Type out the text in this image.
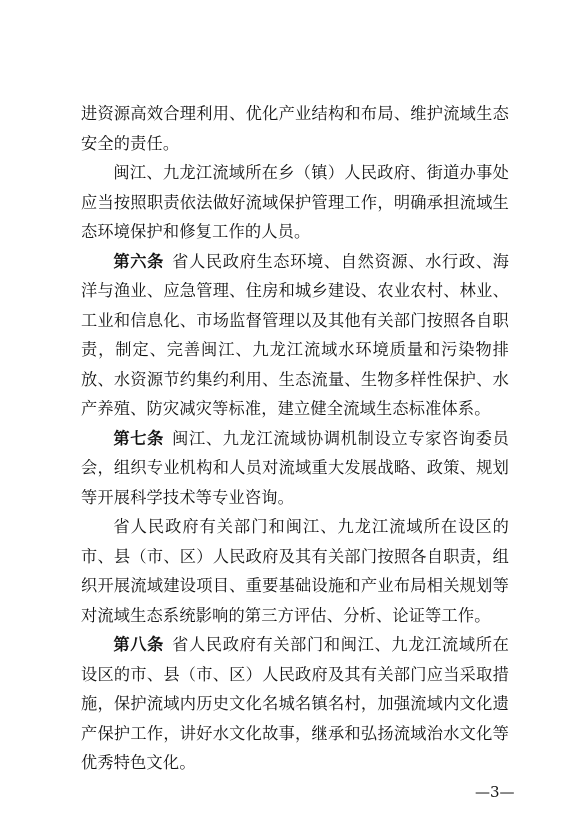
进资源高效合理利用、优化产业结构和布局、维护流域生态安全的责任。

闽江、九龙江流域所在乡（镇）人民政府、街道办事处应当按照职责依法做好流域保护管理工作，明确承担流域生态环境保护和修复工作的人员。

第六条 省人民政府生态环境、自然资源、水行政、海洋与渔业、应急管理、住房和城乡建设、农业农村、林业、工业和信息化、市场监督管理以及其他有关部门按照各自职责，制定、完善闽江、九龙江流域水环境质量和污染物排放、水资源节约集约利用、生态流量、生物多样性保护、水产养殖、防灾减灾等标准，建立健全流域生态标准体系。

第七条 闽江、九龙江流域协调机制设立专家咨询委员会，组织专业机构和人员对流域重大发展战略、政策、规划等开展科学技术等专业咨询。

省人民政府有关部门和闽江、九龙江流域所在设区的市、县（市、区）人民政府及其有关部门按照各自职责，组织开展流域建设项目、重要基础设施和产业布局相关规划等对流域生态系统影响的第三方评估、分析、论证等工作。

第八条 省人民政府有关部门和闽江、九龙江流域所在设区的市、县（市、区）人民政府及其有关部门应当采取措施，保护流域内历史文化名城名镇名村，加强流域内文化遗产保护工作，讲好水文化故事，继承和弘扬流域治水文化等优秀特色文化。

—3—
